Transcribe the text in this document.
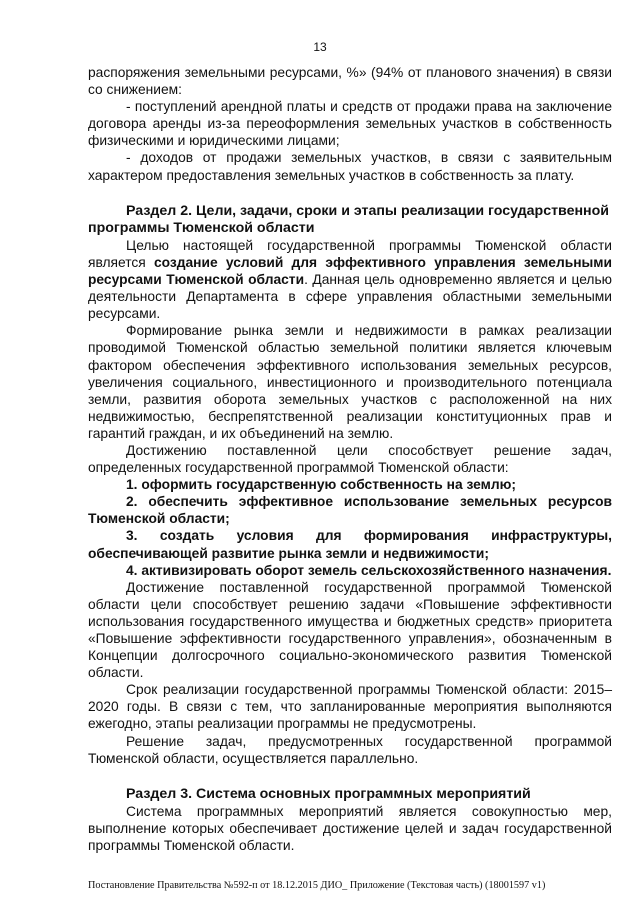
13

распоряжения земельными ресурсами, %» (94% от планового значения) в связи со снижением:

- поступлений арендной платы и средств от продажи права на заключение договора аренды из-за переоформления земельных участков в собственность физическими и юридическими лицами;

- доходов от продажи земельных участков, в связи с заявительным характером предоставления земельных участков в собственность за плату.

Раздел 2. Цели, задачи, сроки и этапы реализации государственной программы Тюменской области

Целью настоящей государственной программы Тюменской области является создание условий для эффективного управления земельными ресурсами Тюменской области. Данная цель одновременно является и целью деятельности Департамента в сфере управления областными земельными ресурсами.

Формирование рынка земли и недвижимости в рамках реализации проводимой Тюменской областью земельной политики является ключевым фактором обеспечения эффективного использования земельных ресурсов, увеличения социального, инвестиционного и производительного потенциала земли, развития оборота земельных участков с расположенной на них недвижимостью, беспрепятственной реализации конституционных прав и гарантий граждан, и их объединений на землю.

Достижению поставленной цели способствует решение задач, определенных государственной программой Тюменской области:

1. оформить государственную собственность на землю;

2. обеспечить эффективное использование земельных ресурсов Тюменской области;

3. создать условия для формирования инфраструктуры, обеспечивающей развитие рынка земли и недвижимости;

4. активизировать оборот земель сельскохозяйственного назначения.

Достижение поставленной государственной программой Тюменской области цели способствует решению задачи «Повышение эффективности использования государственного имущества и бюджетных средств» приоритета «Повышение эффективности государственного управления», обозначенным в Концепции долгосрочного социально-экономического развития Тюменской области.

Срок реализации государственной программы Тюменской области: 2015–2020 годы. В связи с тем, что запланированные мероприятия выполняются ежегодно, этапы реализации программы не предусмотрены.

Решение задач, предусмотренных государственной программой Тюменской области, осуществляется параллельно.

Раздел 3. Система основных программных мероприятий

Система программных мероприятий является совокупностью мер, выполнение которых обеспечивает достижение целей и задач государственной программы Тюменской области.

Постановление Правительства №592-п от 18.12.2015 ДИО_ Приложение (Текстовая часть) (18001597 v1)
